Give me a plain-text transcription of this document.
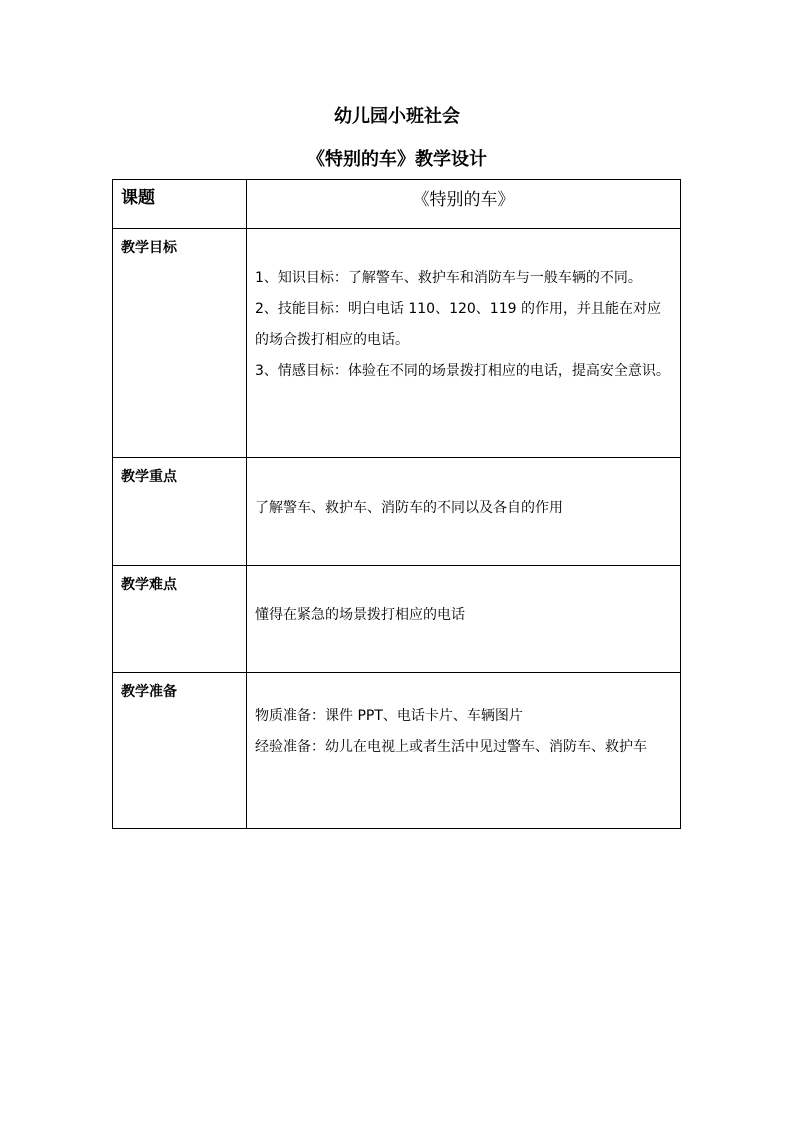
幼儿园小班社会
《特别的车》教学设计
课题	《特别的车》
教学目标	1、知识目标：了解警车、救护车和消防车与一般车辆的不同。

2、技能目标：明白电话 110、120、119 的作用，并且能在对应的场合拨打相应的电话。

3、情感目标：体验在不同的场景拨打相应的电话，提高安全意识。

教学重点	了解警车、救护车、消防车的不同以及各自的作用

教学难点	懂得在紧急的场景拨打相应的电话

教学准备	物质准备：课件 PPT、电话卡片、车辆图片

经验准备：幼儿在电视上或者生活中见过警车、消防车、救护车
